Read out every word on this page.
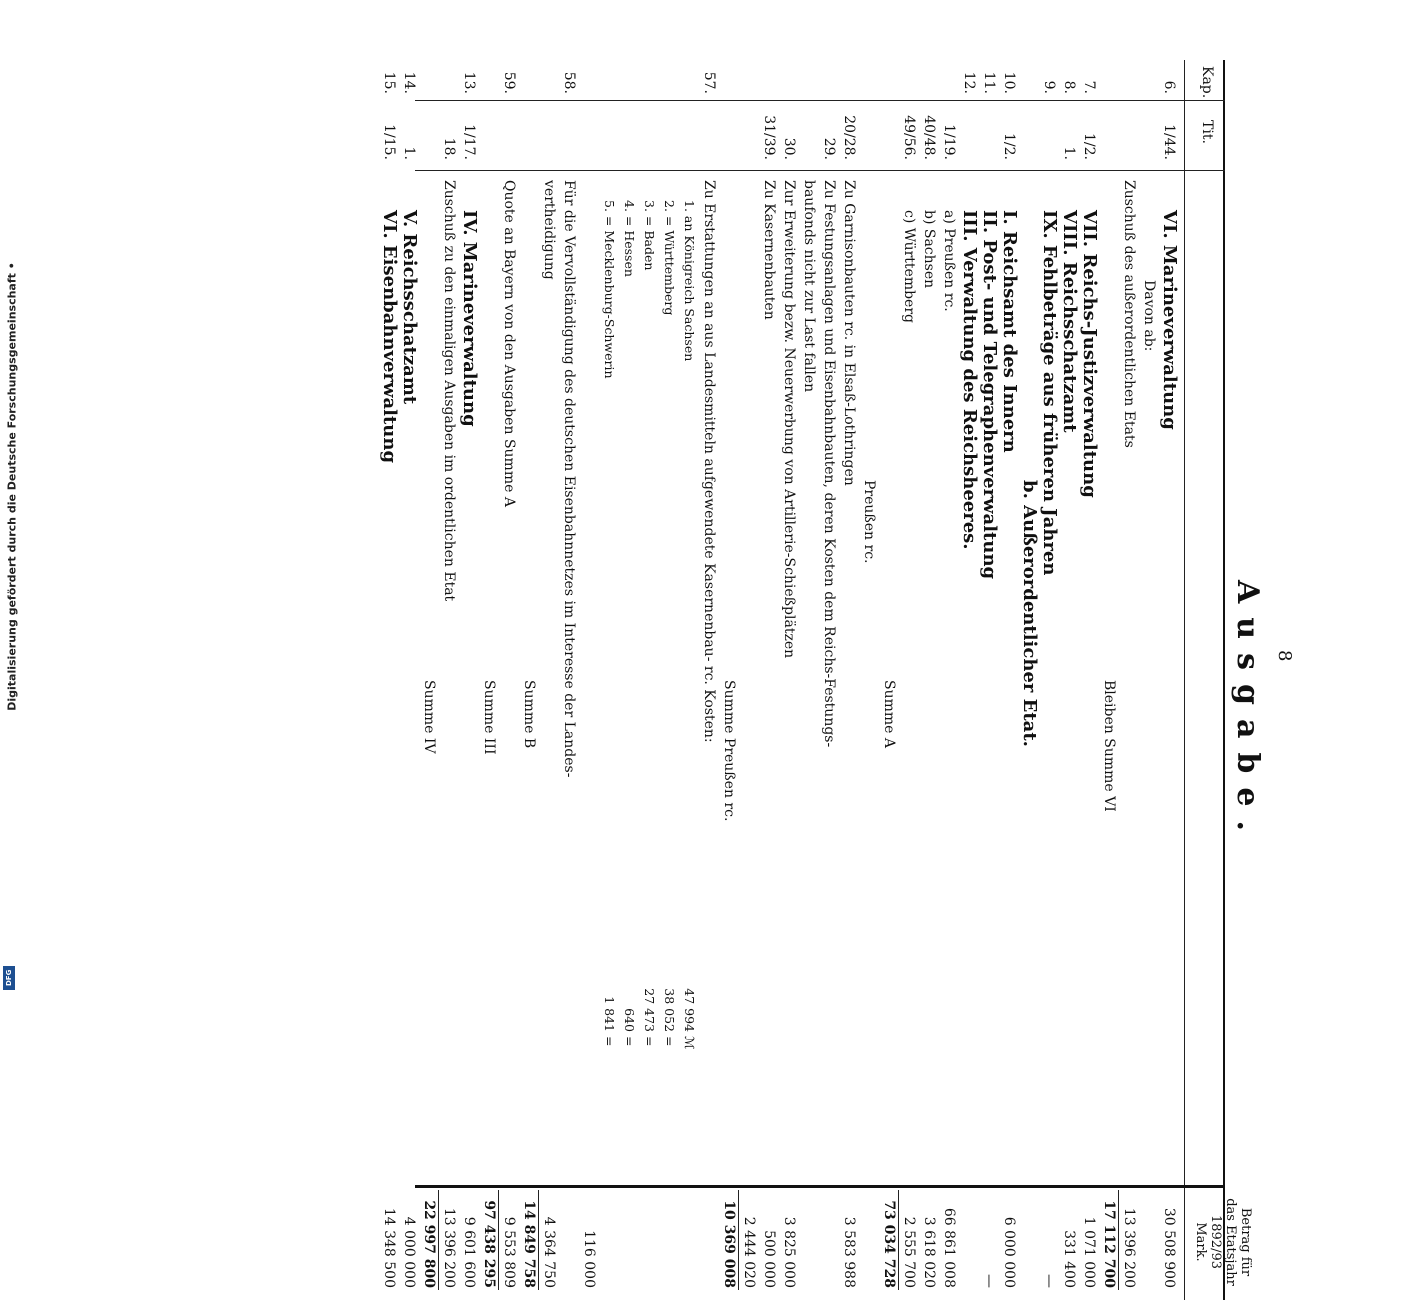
8
Ausgabe.
Kap.
Tit.
Betrag für
das Etatsjahr
1892/93
Mark.
6.
1/44.
VI. Marineverwaltung
30 508 900
Davon ab:
Zuschuß des außerordentlichen Etats
13 396 200
Bleiben Summe VI
17 112 700
7.
1/2.
VII. Reichs-Justizverwaltung
1 071 000
8.
1.
VIII. Reichsschatzamt
331 400
9.
IX. Fehlbeträge aus früheren Jahren
—
b. Außerordentlicher Etat.
10.
1/2.
I. Reichsamt des Innern
6 000 000
11.
II. Post- und Telegraphenverwaltung
—
12.
III. Verwaltung des Reichsheeres.
1/19.
a) Preußen rc.
66 861 008
40/48.
b) Sachsen
3 618 020
49/56.
c) Württemberg
2 555 700
Summe A
73 034 728
Preußen rc.
20/28.
Zu Garnisonbauten rc. in Elsaß-Lothringen
3 583 988
29.
Zu Festungsanlagen und Eisenbahnbauten, deren Kosten dem Reichs-Festungs-
baufonds nicht zur Last fallen
30.
Zur Erweiterung bezw. Neuerwerbung von Artillerie-Schießplätzen
3 825 000
31/39.
Zu Kasernenbauten
500 000
2 444 020
Summe Preußen rc.
10 369 008
57.
Zu Erstattungen an aus Landesmitteln aufgewendete Kasernenbau- rc. Kosten:
1. an Königreich Sachsen
47 994
ℳ
2. = Württemberg
38 052
=
3. = Baden
27 473
=
4. = Hessen
640
=
5. = Mecklenburg-Schwerin
1 841
=
116 000
58.
Für die Vervollständigung des deutschen Eisenbahnnetzes im Interesse der Landes-
vertheidigung
4 364 750
Summe B
14 849 758
59.
Quote an Bayern von den Ausgaben Summe A
9 553 809
Summe III
97 438 295
13.
1/17.
IV. Marineverwaltung
9 601 600
18.
Zuschuß zu den einmaligen Ausgaben im ordentlichen Etat
13 396 200
Summe IV
22 997 800
14.
1.
V. Reichsschatzamt
4 000 000
15.
1/15.
VI. Eisenbahnverwaltung
14 348 500
Digitalisierung gefördert durch die Deutsche Forschungsgemeinschaft •
DFG
